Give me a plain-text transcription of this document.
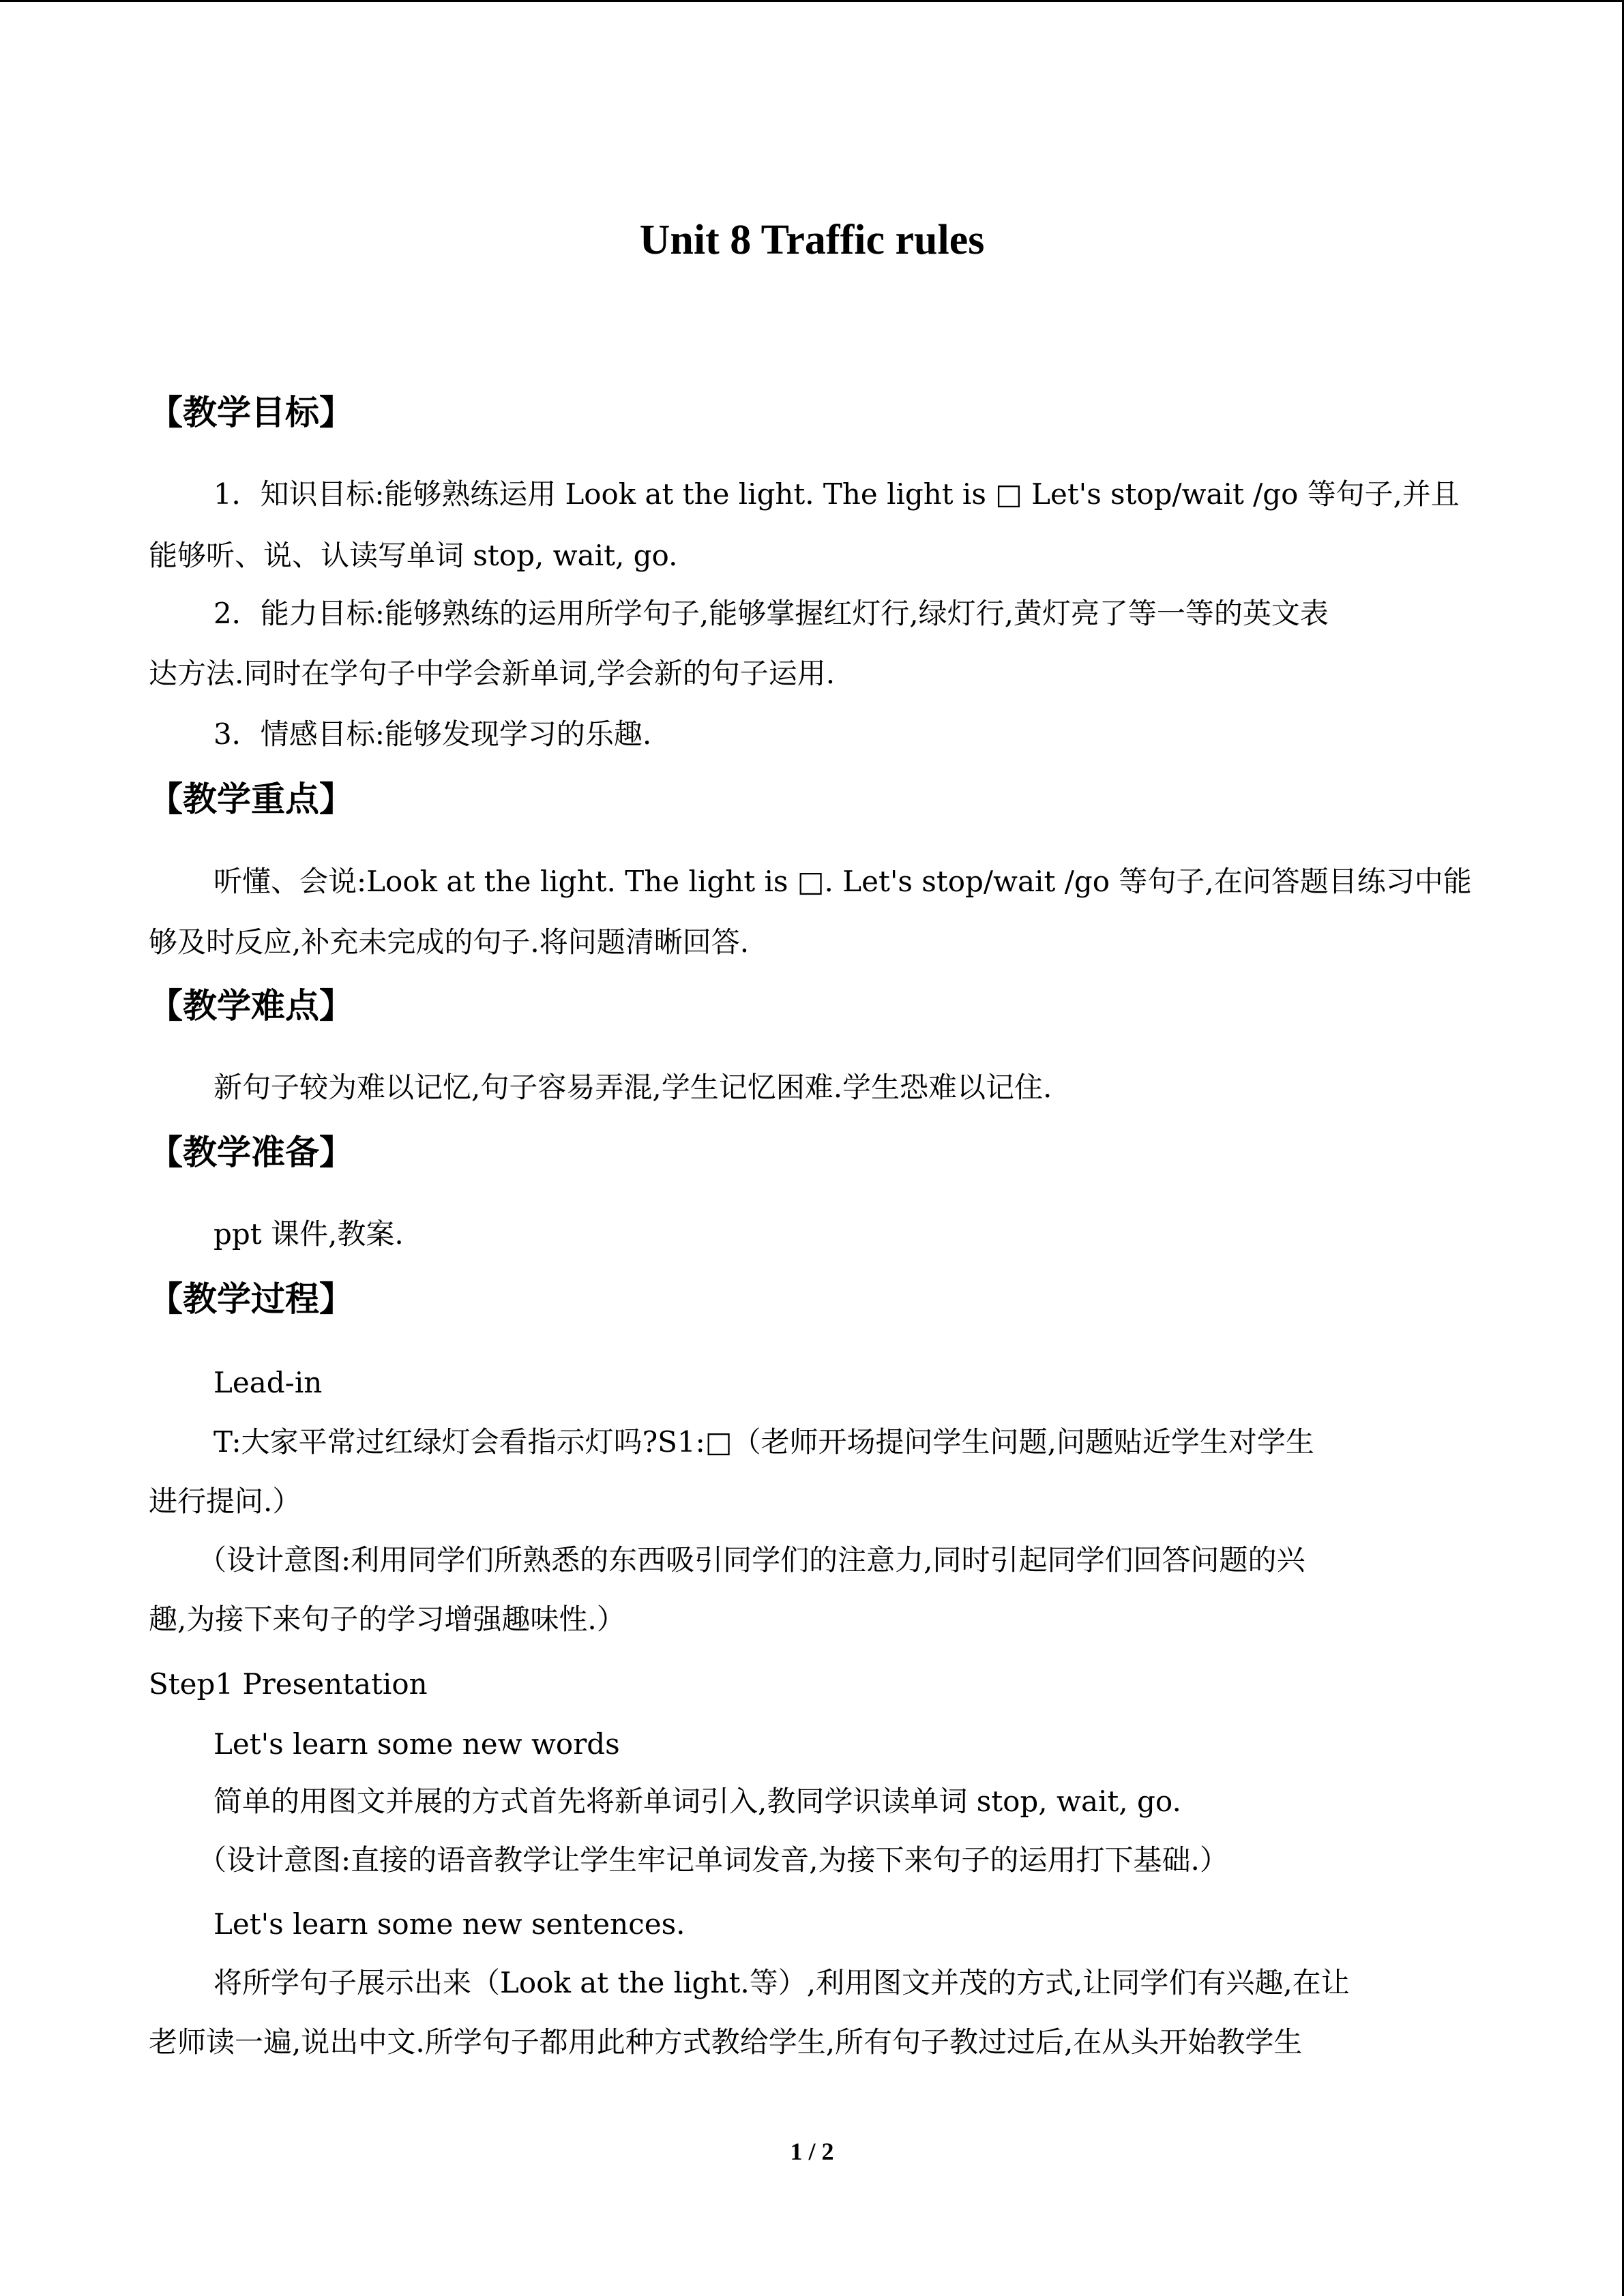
Unit 8 Traffic rules
【教学目标】

1．知识目标:能够熟练运用 Look at the light. The light is □ Let's stop/wait /go 等句子,并且

能够听、说、认读写单词 stop, wait, go.

2．能力目标:能够熟练的运用所学句子,能够掌握红灯行,绿灯行,黄灯亮了等一等的英文表

达方法.同时在学句子中学会新单词,学会新的句子运用.

3．情感目标:能够发现学习的乐趣.

【教学重点】

听懂、会说:Look at the light. The light is □. Let's stop/wait /go 等句子,在问答题目练习中能

够及时反应,补充未完成的句子.将问题清晰回答.

【教学难点】

新句子较为难以记忆,句子容易弄混,学生记忆困难.学生恐难以记住.

【教学准备】

ppt 课件,教案.

【教学过程】

Lead-in

T:大家平常过红绿灯会看指示灯吗?S1:□（老师开场提问学生问题,问题贴近学生对学生

进行提问.）

（设计意图:利用同学们所熟悉的东西吸引同学们的注意力,同时引起同学们回答问题的兴

趣,为接下来句子的学习增强趣味性.）

Step1 Presentation

Let's learn some new words

简单的用图文并展的方式首先将新单词引入,教同学识读单词 stop, wait, go.

（设计意图:直接的语音教学让学生牢记单词发音,为接下来句子的运用打下基础.）

Let's learn some new sentences.

将所学句子展示出来（Look at the light.等）,利用图文并茂的方式,让同学们有兴趣,在让

老师读一遍,说出中文.所学句子都用此种方式教给学生,所有句子教过过后,在从头开始教学生

1 / 2
